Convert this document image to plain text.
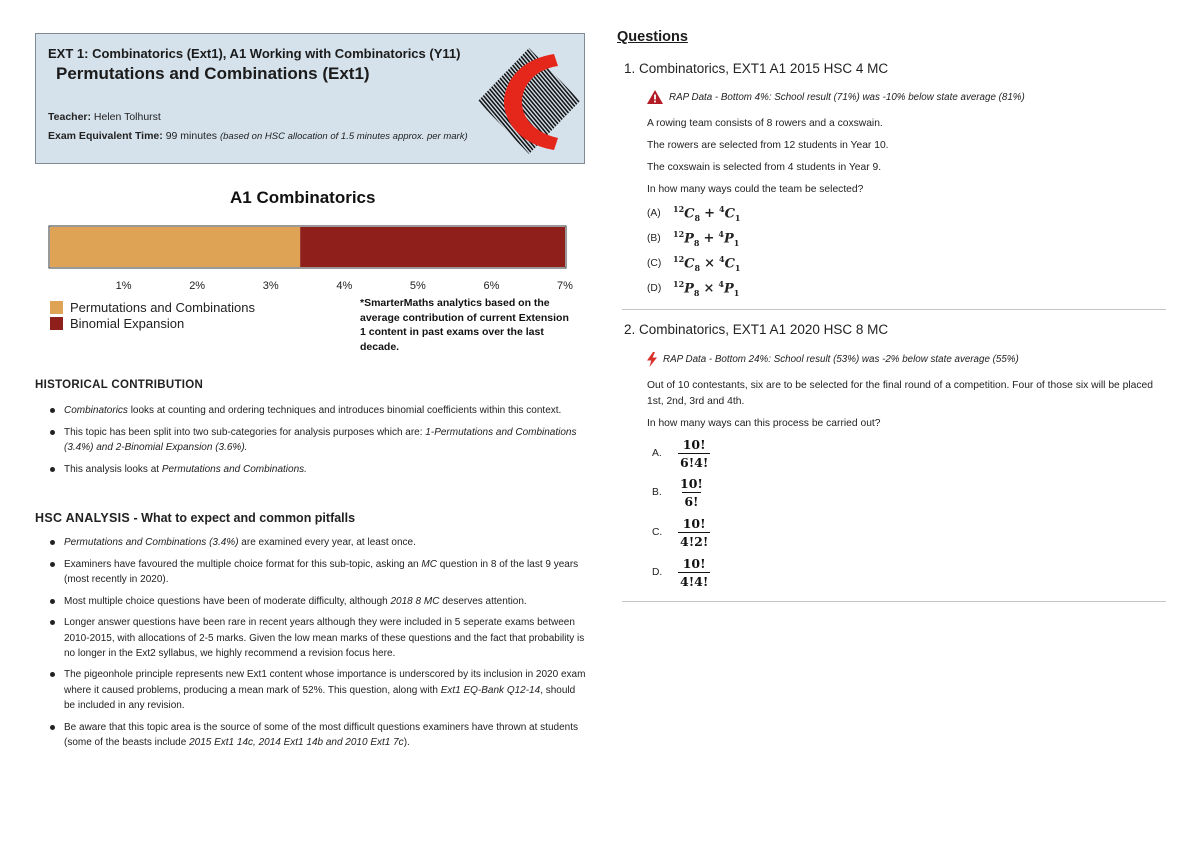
EXT 1: Combinatorics (Ext1), A1 Working with Combinatorics (Y11)
Permutations and Combinations (Ext1)
Teacher: Helen Tolhurst
Exam Equivalent Time: 99 minutes (based on HSC allocation of 1.5 minutes approx. per mark)
A1 Combinatorics
1%	2%	3%	4%	5%	6%	7%
Permutations and Combinations
Binomial Expansion
*SmarterMaths analytics based on the average contribution of current Extension 1 content in past exams over the last decade.
HISTORICAL CONTRIBUTION
Combinatorics looks at counting and ordering techniques and introduces binomial coefficients within this context.
This topic has been split into two sub-categories for analysis purposes which are: 1-Permutations and Combinations (3.4%) and 2-Binomial Expansion (3.6%).
This analysis looks at Permutations and Combinations.
HSC ANALYSIS - What to expect and common pitfalls
Permutations and Combinations (3.4%) are examined every year, at least once.
Examiners have favoured the multiple choice format for this sub-topic, asking an MC question in 8 of the last 9 years (most recently in 2020).
Most multiple choice questions have been of moderate difficulty, although 2018 8 MC deserves attention.
Longer answer questions have been rare in recent years although they were included in 5 seperate exams between 2010-2015, with allocations of 2-5 marks. Given the low mean marks of these questions and the fact that probability is no longer in the Ext2 syllabus, we highly recommend a revision focus here.
The pigeonhole principle represents new Ext1 content whose importance is underscored by its inclusion in 2020 exam where it caused problems, producing a mean mark of 52%. This question, along with Ext1 EQ-Bank Q12-14, should be included in any revision.
Be aware that this topic area is the source of some of the most difficult questions examiners have thrown at students (some of the beasts include 2015 Ext1 14c, 2014 Ext1 14b and 2010 Ext1 7c).
Questions
1. Combinatorics, EXT1 A1 2015 HSC 4 MC
RAP Data - Bottom 4%: School result (71%) was -10% below state average (81%)
A rowing team consists of 8 rowers and a coxswain.
The rowers are selected from 12 students in Year 10.
The coxswain is selected from 4 students in Year 9.
In how many ways could the team be selected?
(A)	$^{12}C_8 + ^4C_1$
(B)	$^{12}P_8 + ^4P_1$
(C)	$^{12}C_8 \times ^4C_1$
(D)	$^{12}P_8 \times ^4P_1$
2. Combinatorics, EXT1 A1 2020 HSC 8 MC
RAP Data - Bottom 24%: School result (53%) was -2% below state average (55%)
Out of 10 contestants, six are to be selected for the final round of a competition. Four of those six will be placed 1st, 2nd, 3rd and 4th.
In how many ways can this process be carried out?
A.	$\frac{10!}{6!4!}$
B.	$\frac{10!}{6!}$
C.	$\frac{10!}{4!2!}$
D.	$\frac{10!}{4!4!}$
